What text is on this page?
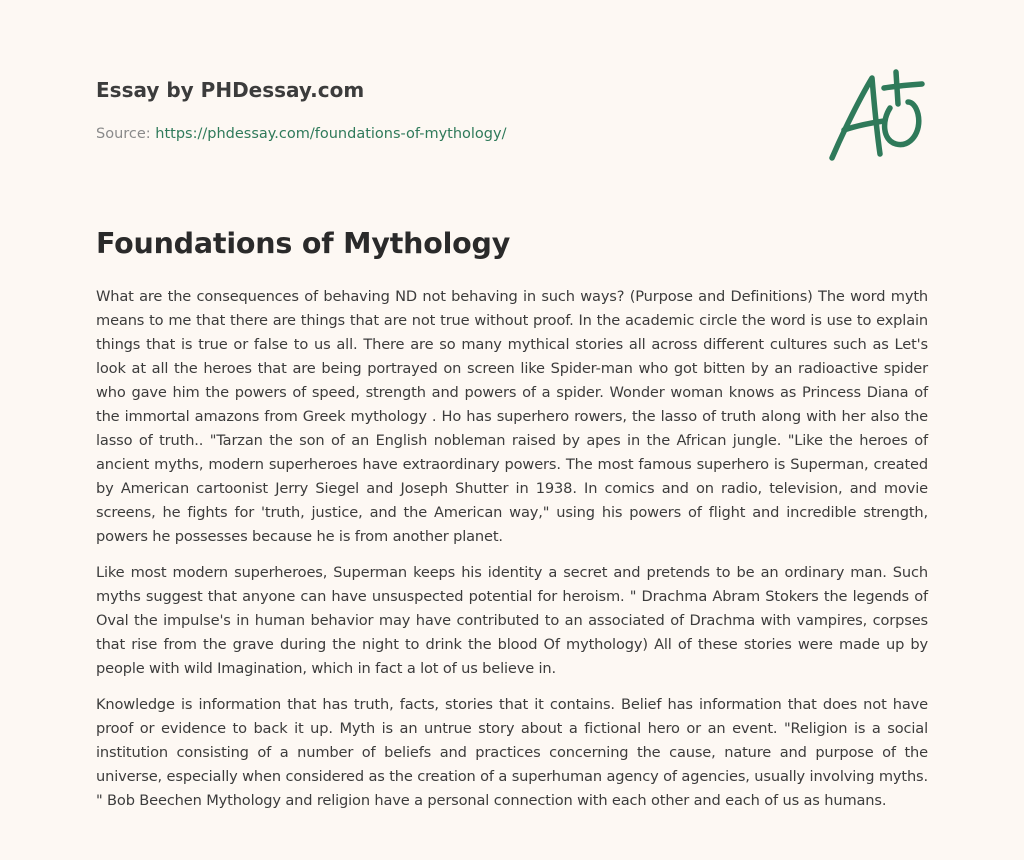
Essay by PHDessay.com
Source: https://phdessay.com/foundations-of-mythology/
Foundations of Mythology

What are the consequences of behaving ND not behaving in such ways? (Purpose and Definitions) The word myth means to me that there are things that are not true without proof. In the academic circle the word is use to explain things that is true or false to us all. There are so many mythical stories all across different cultures such as Let's look at all the heroes that are being portrayed on screen like Spider-man who got bitten by an radioactive spider who gave him the powers of speed, strength and powers of a spider. Wonder woman knows as Princess Diana of the immortal amazons from Greek mythology . Ho has superhero rowers, the lasso of truth along with her also the lasso of truth.. "Tarzan the son of an English nobleman raised by apes in the African jungle. "Like the heroes of ancient myths, modern superheroes have extraordinary powers. The most famous superhero is Superman, created by American cartoonist Jerry Siegel and Joseph Shutter in 1938. In comics and on radio, television, and movie screens, he fights for 'truth, justice, and the American way," using his powers of flight and incredible strength, powers he possesses because he is from another planet.

Like most modern superheroes, Superman keeps his identity a secret and pretends to be an ordinary man. Such myths suggest that anyone can have unsuspected potential for heroism. " Drachma Abram Stokers the legends of Oval the impulse's in human behavior may have contributed to an associated of Drachma with vampires, corpses that rise from the grave during the night to drink the blood Of mythology) All of these stories were made up by people with wild Imagination, which in fact a lot of us believe in.

Knowledge is information that has truth, facts, stories that it contains. Belief has information that does not have proof or evidence to back it up. Myth is an untrue story about a fictional hero or an event. "Religion is a social institution consisting of a number of beliefs and practices concerning the cause, nature and purpose of the universe, especially when considered as the creation of a superhuman agency of agencies, usually involving myths. " Bob Beechen Mythology and religion have a personal connection with each other and each of us as humans.
